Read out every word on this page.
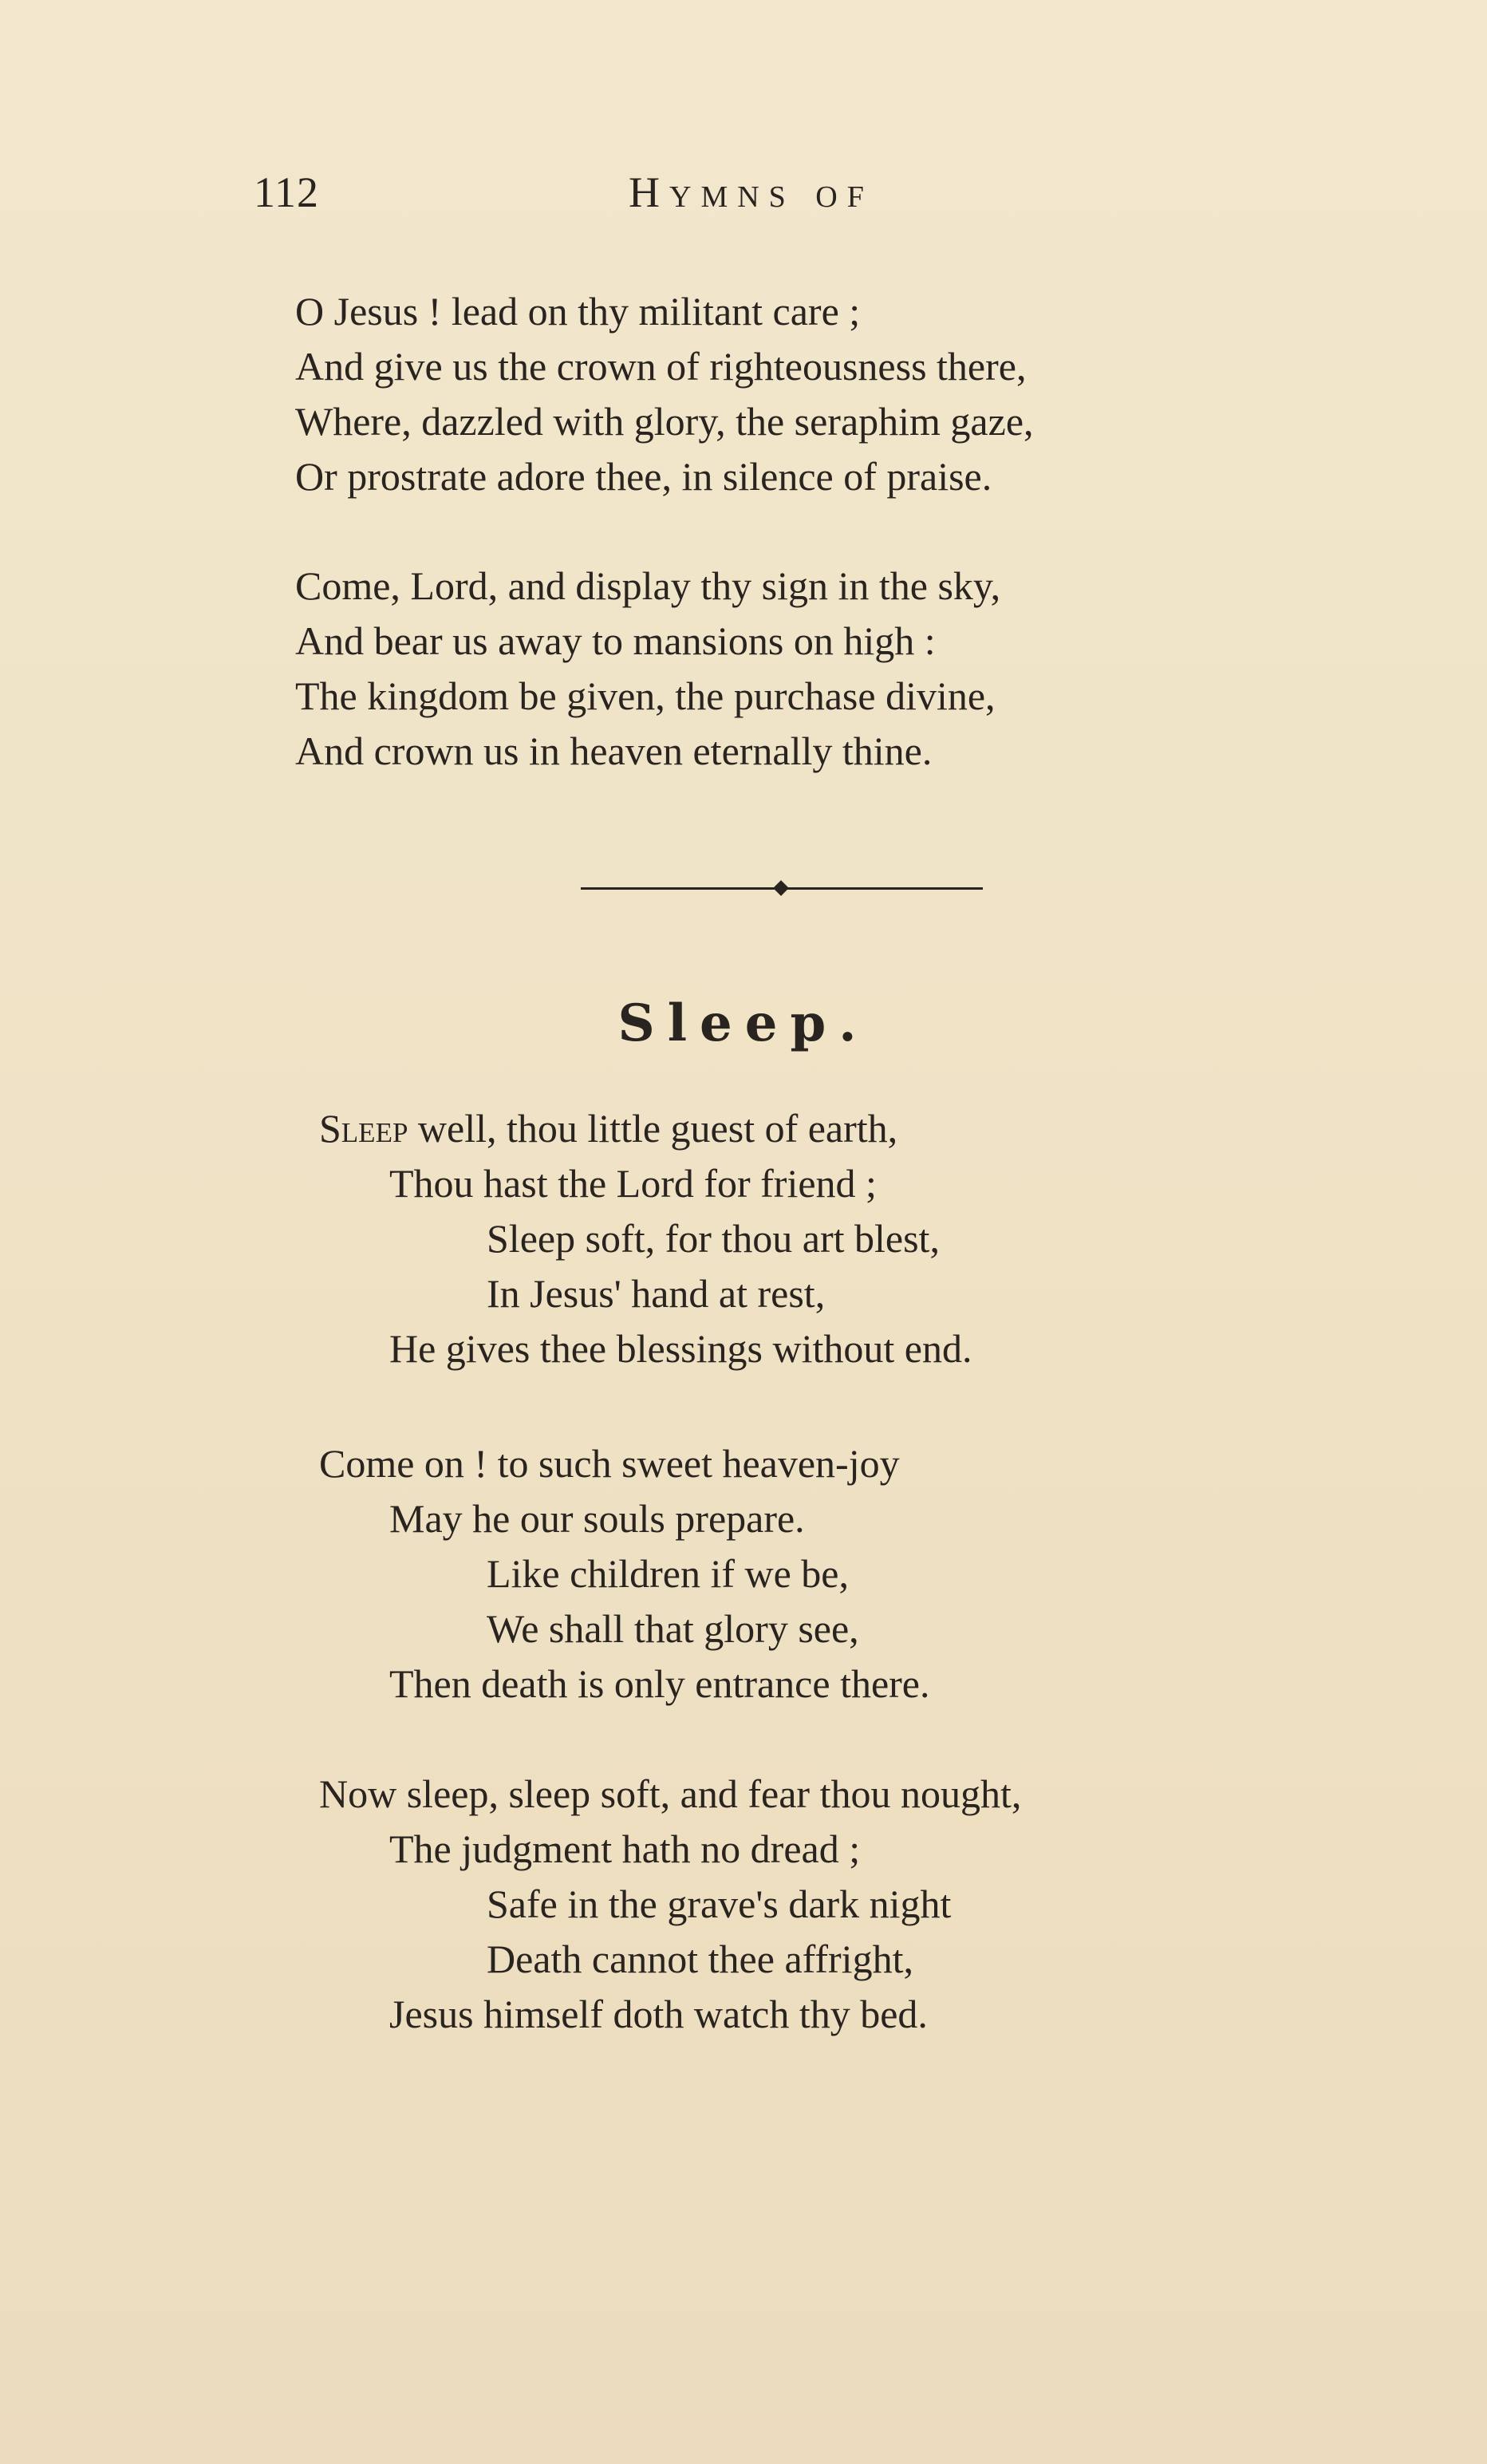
112	Hymns of
O Jesus ! lead on thy militant care ;
And give us the crown of righteousness there,
Where, dazzled with glory, the seraphim gaze,
Or prostrate adore thee, in silence of praise.
Come, Lord, and display thy sign in the sky,
And bear us away to mansions on high :
The kingdom be given, the purchase divine,
And crown us in heaven eternally thine.
Sleep.
Sleep well, thou little guest of earth,
Thou hast the Lord for friend ;
Sleep soft, for thou art blest,
In Jesus' hand at rest,
He gives thee blessings without end.
Come on ! to such sweet heaven-joy
May he our souls prepare.
Like children if we be,
We shall that glory see,
Then death is only entrance there.
Now sleep, sleep soft, and fear thou nought,
The judgment hath no dread ;
Safe in the grave's dark night
Death cannot thee affright,
Jesus himself doth watch thy bed.
